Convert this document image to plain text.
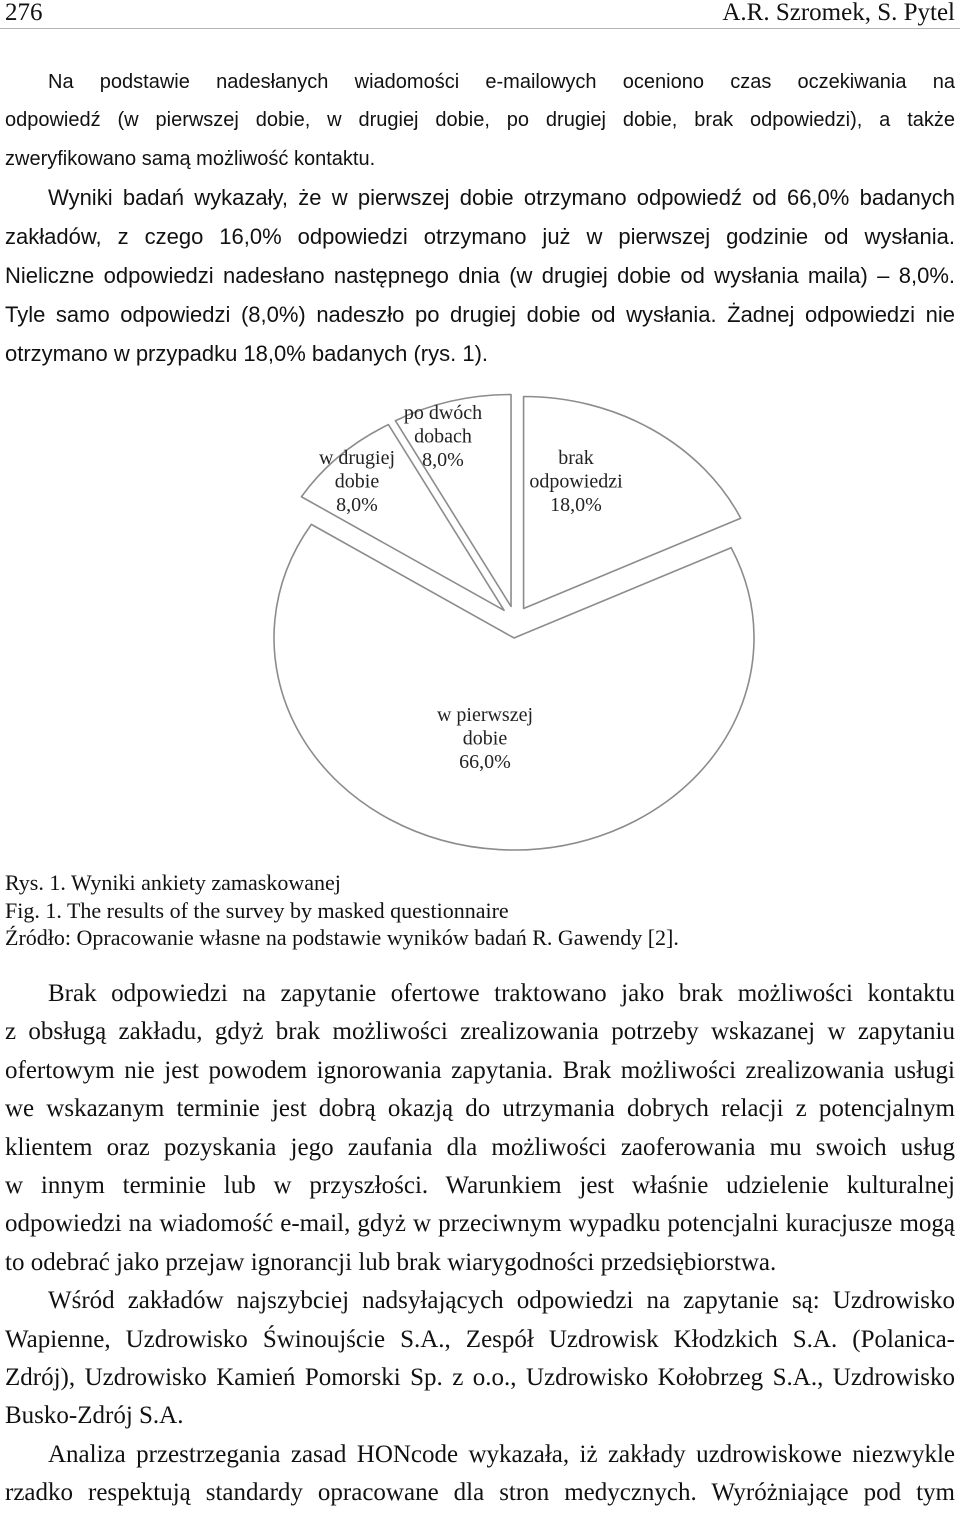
276	A.R. Szromek, S. Pytel
Na podstawie nadesłanych wiadomości e-mailowych oceniono czas oczekiwania na
odpowiedź (w pierwszej dobie, w drugiej dobie, po drugiej dobie, brak odpowiedzi), a także
zweryfikowano samą możliwość kontaktu.
Wyniki badań wykazały, że w pierwszej dobie otrzymano odpowiedź od 66,0% badanych
zakładów, z czego 16,0% odpowiedzi otrzymano już w pierwszej godzinie od wysłania.
Nieliczne odpowiedzi nadesłano następnego dnia (w drugiej dobie od wysłania maila) – 8,0%.
Tyle samo odpowiedzi (8,0%) nadeszło po drugiej dobie od wysłania. Żadnej odpowiedzi nie
otrzymano w przypadku 18,0% badanych (rys. 1).
brak
odpowiedzi
18,0%
w pierwszej
dobie
66,0%
w drugiej
dobie
8,0%
po dwóch
dobach
8,0%
Rys. 1. Wyniki ankiety zamaskowanej
Fig. 1. The results of the survey by masked questionnaire
Źródło: Opracowanie własne na podstawie wyników badań R. Gawendy [2].
Brak odpowiedzi na zapytanie ofertowe traktowano jako brak możliwości kontaktu
z obsługą zakładu, gdyż brak możliwości zrealizowania potrzeby wskazanej w zapytaniu
ofertowym nie jest powodem ignorowania zapytania. Brak możliwości zrealizowania usługi
we wskazanym terminie jest dobrą okazją do utrzymania dobrych relacji z potencjalnym
klientem oraz pozyskania jego zaufania dla możliwości zaoferowania mu swoich usług
w innym terminie lub w przyszłości. Warunkiem jest właśnie udzielenie kulturalnej
odpowiedzi na wiadomość e-mail, gdyż w przeciwnym wypadku potencjalni kuracjusze mogą
to odebrać jako przejaw ignorancji lub brak wiarygodności przedsiębiorstwa.
Wśród zakładów najszybciej nadsyłających odpowiedzi na zapytanie są: Uzdrowisko
Wapienne, Uzdrowisko Świnoujście S.A., Zespół Uzdrowisk Kłodzkich S.A. (Polanica-
Zdrój), Uzdrowisko Kamień Pomorski Sp. z o.o., Uzdrowisko Kołobrzeg S.A., Uzdrowisko
Busko-Zdrój S.A.
Analiza przestrzegania zasad HONcode wykazała, iż zakłady uzdrowiskowe niezwykle
rzadko respektują standardy opracowane dla stron medycznych. Wyróżniające pod tym
